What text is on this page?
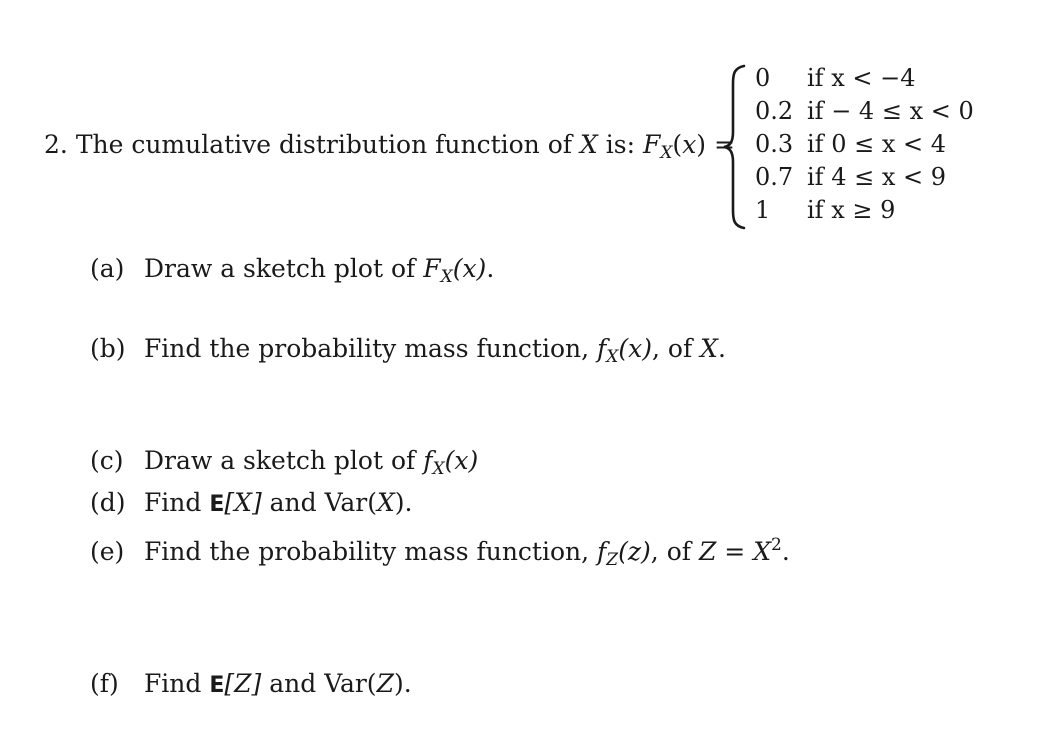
2. The cumulative distribution function of X is: $F_X(x)$ =
0 if x < −4
0.2 if − 4 ≤ x < 0
0.3 if 0 ≤ x < 4
0.7 if 4 ≤ x < 9
1 if x ≥ 9
(a) Draw a sketch plot of $F_X(x)$.
(b) Find the probability mass function, $f_X(x)$, of X.
(c) Draw a sketch plot of $f_X(x)$
(d) Find E[X] and Var(X).
(e) Find the probability mass function, $f_Z(z)$, of $Z = X^2$.
(f) Find E[Z] and Var(Z).
